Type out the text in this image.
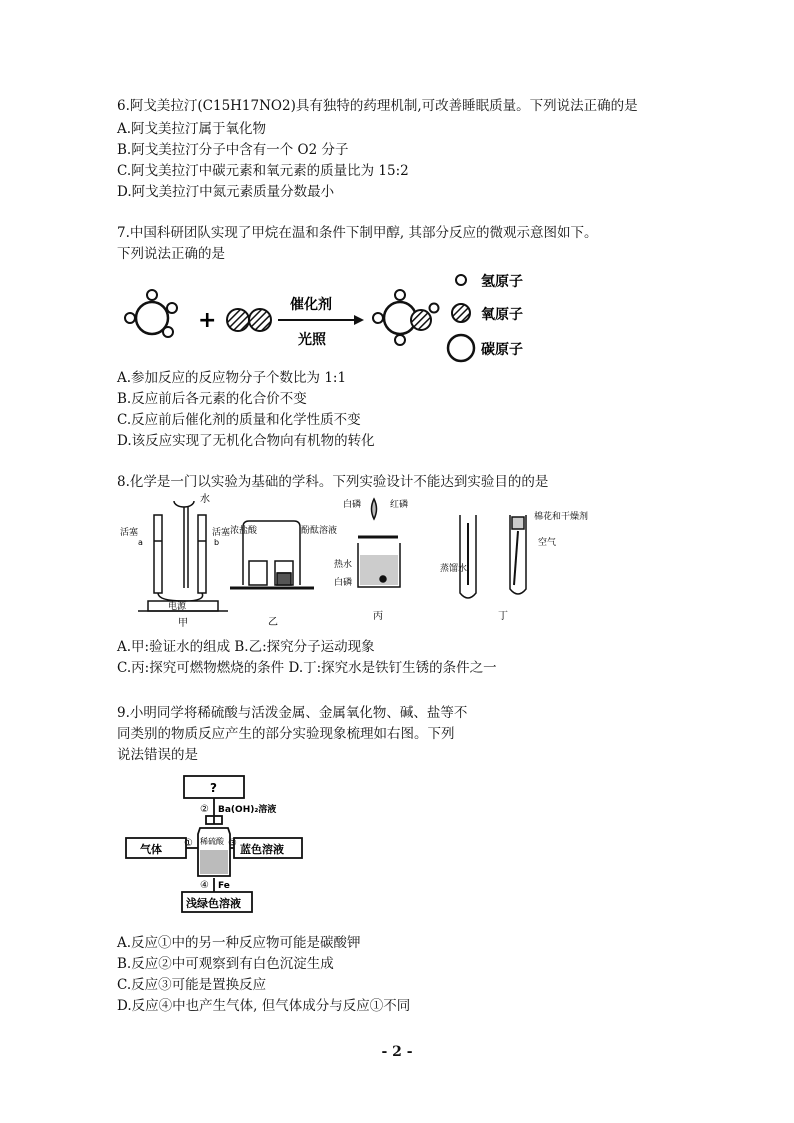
6.阿戈美拉汀(C15H17NO2)具有独特的药理机制,可改善睡眠质量。下列说法正确的是
A.阿戈美拉汀属于氧化物
B.阿戈美拉汀分子中含有一个 O2 分子
C.阿戈美拉汀中碳元素和氧元素的质量比为 15:2
D.阿戈美拉汀中氮元素质量分数最小
7.中国科研团队实现了甲烷在温和条件下制甲醇, 其部分反应的微观示意图如下。
下列说法正确的是
+
催化剂
光照
氢原子
氧原子
碳原子
A.参加反应的反应物分子个数比为 1:1
B.反应前后各元素的化合价不变
C.反应前后催化剂的质量和化学性质不变
D.该反应实现了无机化合物向有机物的转化
8.化学是一门以实验为基础的学科。下列实验设计不能达到实验目的的是
水
活塞	活塞
a	b
电源
甲
浓盐酸	酚酞溶液
乙
白磷	红磷
热水
白磷
丙
棉花和干燥剂
空气
蒸馏水
丁
A.甲:验证水的组成 B.乙:探究分子运动现象
C.丙:探究可燃物燃烧的条件 D.丁:探究水是铁钉生锈的条件之一
9.小明同学将稀硫酸与活泼金属、金属氧化物、碱、盐等不
同类别的物质反应产生的部分实验现象梳理如右图。下列
说法错误的是
?
气体	蓝色溶液
浅绿色溶液
稀硫酸
② Ba(OH)₂溶液
①	③
④ Fe
A.反应①中的另一种反应物可能是碳酸钾
B.反应②中可观察到有白色沉淀生成
C.反应③可能是置换反应
D.反应④中也产生气体, 但气体成分与反应①不同
- 2 -
